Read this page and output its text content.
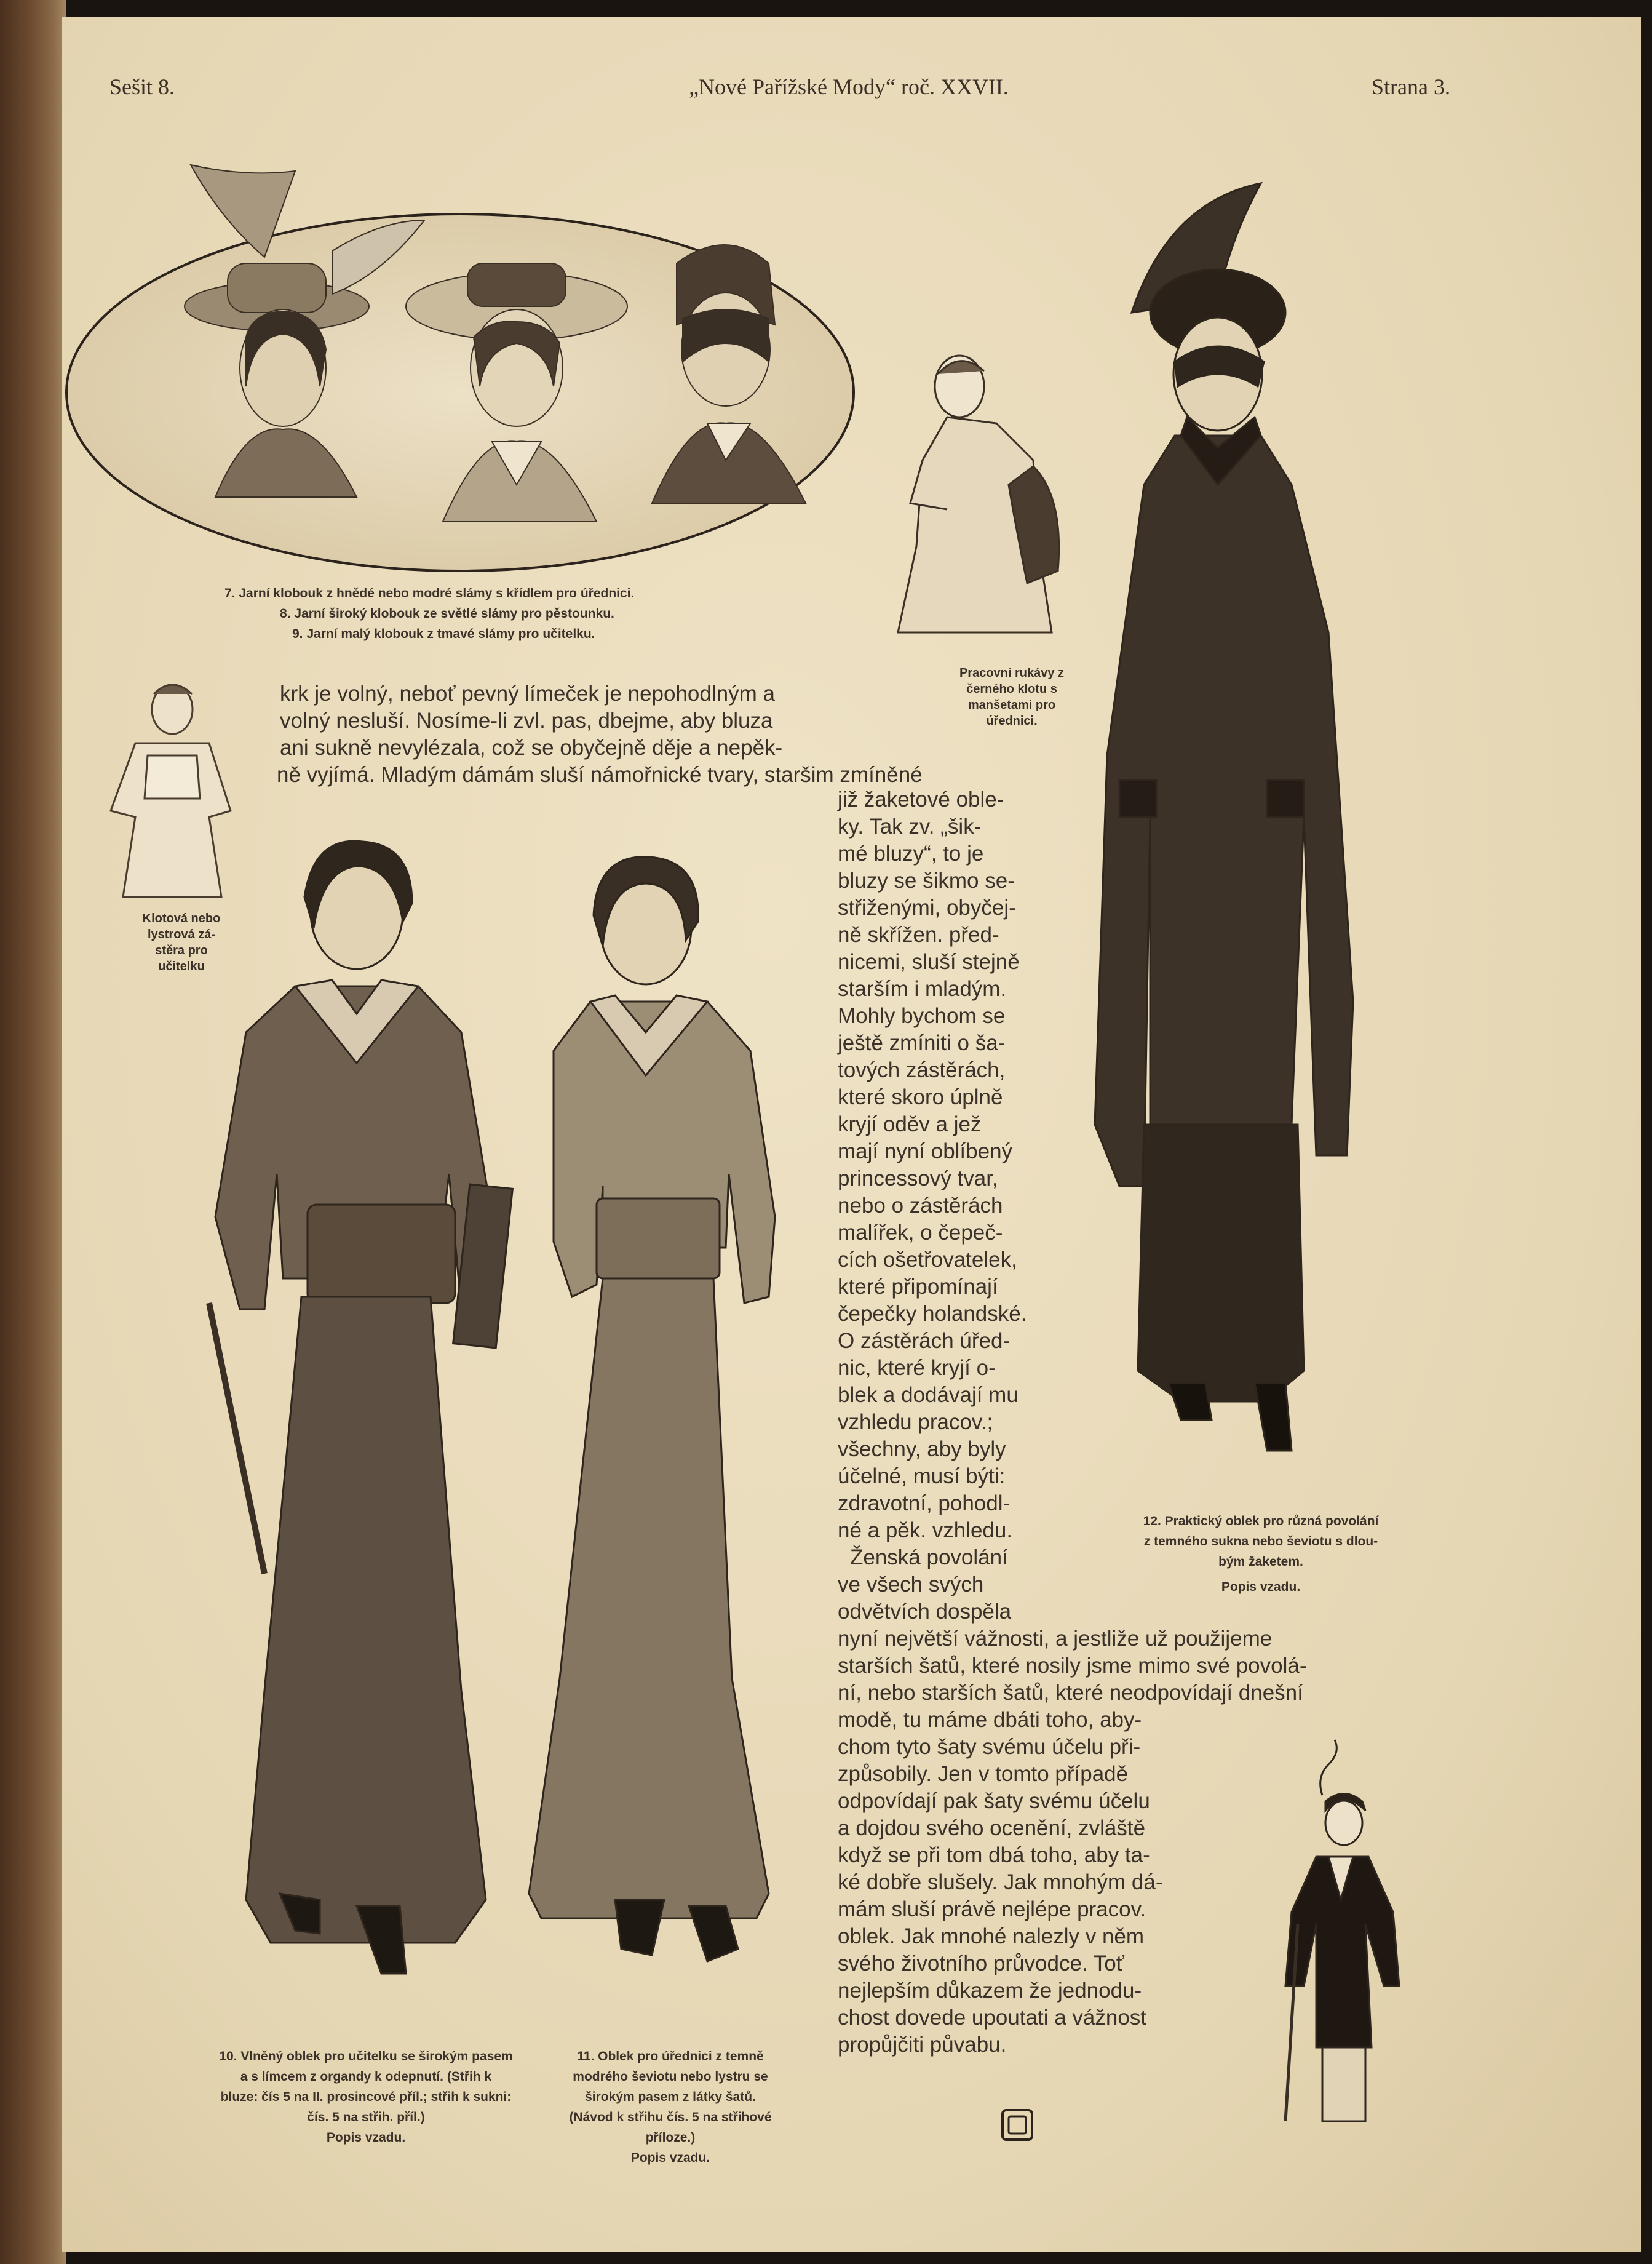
Sešit 8.	„Nové Pařížské Mody“ roč. XXVII.	Strana 3.
7. Jarní klobouk z hnědé nebo modré slámy s křídlem pro úřednici.
8. Jarní široký klobouk ze světlé slámy pro pěstounku.
9. Jarní malý klobouk z tmavé slámy pro učitelku.
Pracovní rukávy z
černého klotu s
manšetami pro
úřednici.
Klotová nebo
lystrová zá-
stěra pro
učitelku
krk je volný, neboť pevný límeček je nepohodlným a
volný nesluší. Nosíme-li zvl. pas, dbejme, aby bluza
ani sukně nevylézala, což se obyčejně děje a nepěk-
ně vyjímá. Mladým dámám sluší námořnické tvary, staršim zmíněné
již žaketové oble-
ky. Tak zv. „šik-
mé bluzy“, to je
bluzy se šikmo se-
střiženými, obyčej-
ně skřížen. před-
nicemi, sluší stejně
starším i mladým.
Mohly bychom se
ještě zmíniti o ša-
tových zástěrách,
které skoro úplně
kryjí oděv a jež
mají nyní oblíbený
princessový tvar,
nebo o zástěrách
malířek, o čepeč-
cích ošetřovatelek,
které připomínají
čepečky holandské.
O zástěrách úřed-
nic, které kryjí o-
blek a dodávají mu
vzhledu pracov.;
všechny, aby byly
účelné, musí býti:
zdravotní, pohodl-
né a pěk. vzhledu.
Ženská povolání
ve všech svých
odvětvích dospěla
nyní největší vážnosti, a jestliže už použijeme
starších šatů, které nosily jsme mimo své povolá-
ní, nebo starších šatů, které neodpovídají dnešní
modě, tu máme dbáti toho, aby-
chom tyto šaty svému účelu při-
způsobily. Jen v tomto případě
odpovídají pak šaty svému účelu
a dojdou svého ocenění, zvláště
když se při tom dbá toho, aby ta-
ké dobře slušely. Jak mnohým dá-
mám sluší právě nejlépe pracov.
oblek. Jak mnohé nalezly v něm
svého životního průvodce. Toť
nejlepším důkazem že jednodu-
chost dovede upoutati a vážnost
propůjčiti půvabu.
10. Vlněný oblek pro učitelku se širokým pasem
a s límcem z organdy k odepnutí. (Střih k
bluze: čís 5 na II. prosincové příl.; střih k sukni:
čís. 5 na střih. příl.)
Popis vzadu.
11. Oblek pro úřednici z temně
modrého ševiotu nebo lystru se
širokým pasem z látky šatů.
(Návod k střihu čís. 5 na střihové
příloze.)
Popis vzadu.
12. Praktický oblek pro různá povolání
z temného sukna nebo ševiotu s dlou-
bým žaketem.
Popis vzadu.
